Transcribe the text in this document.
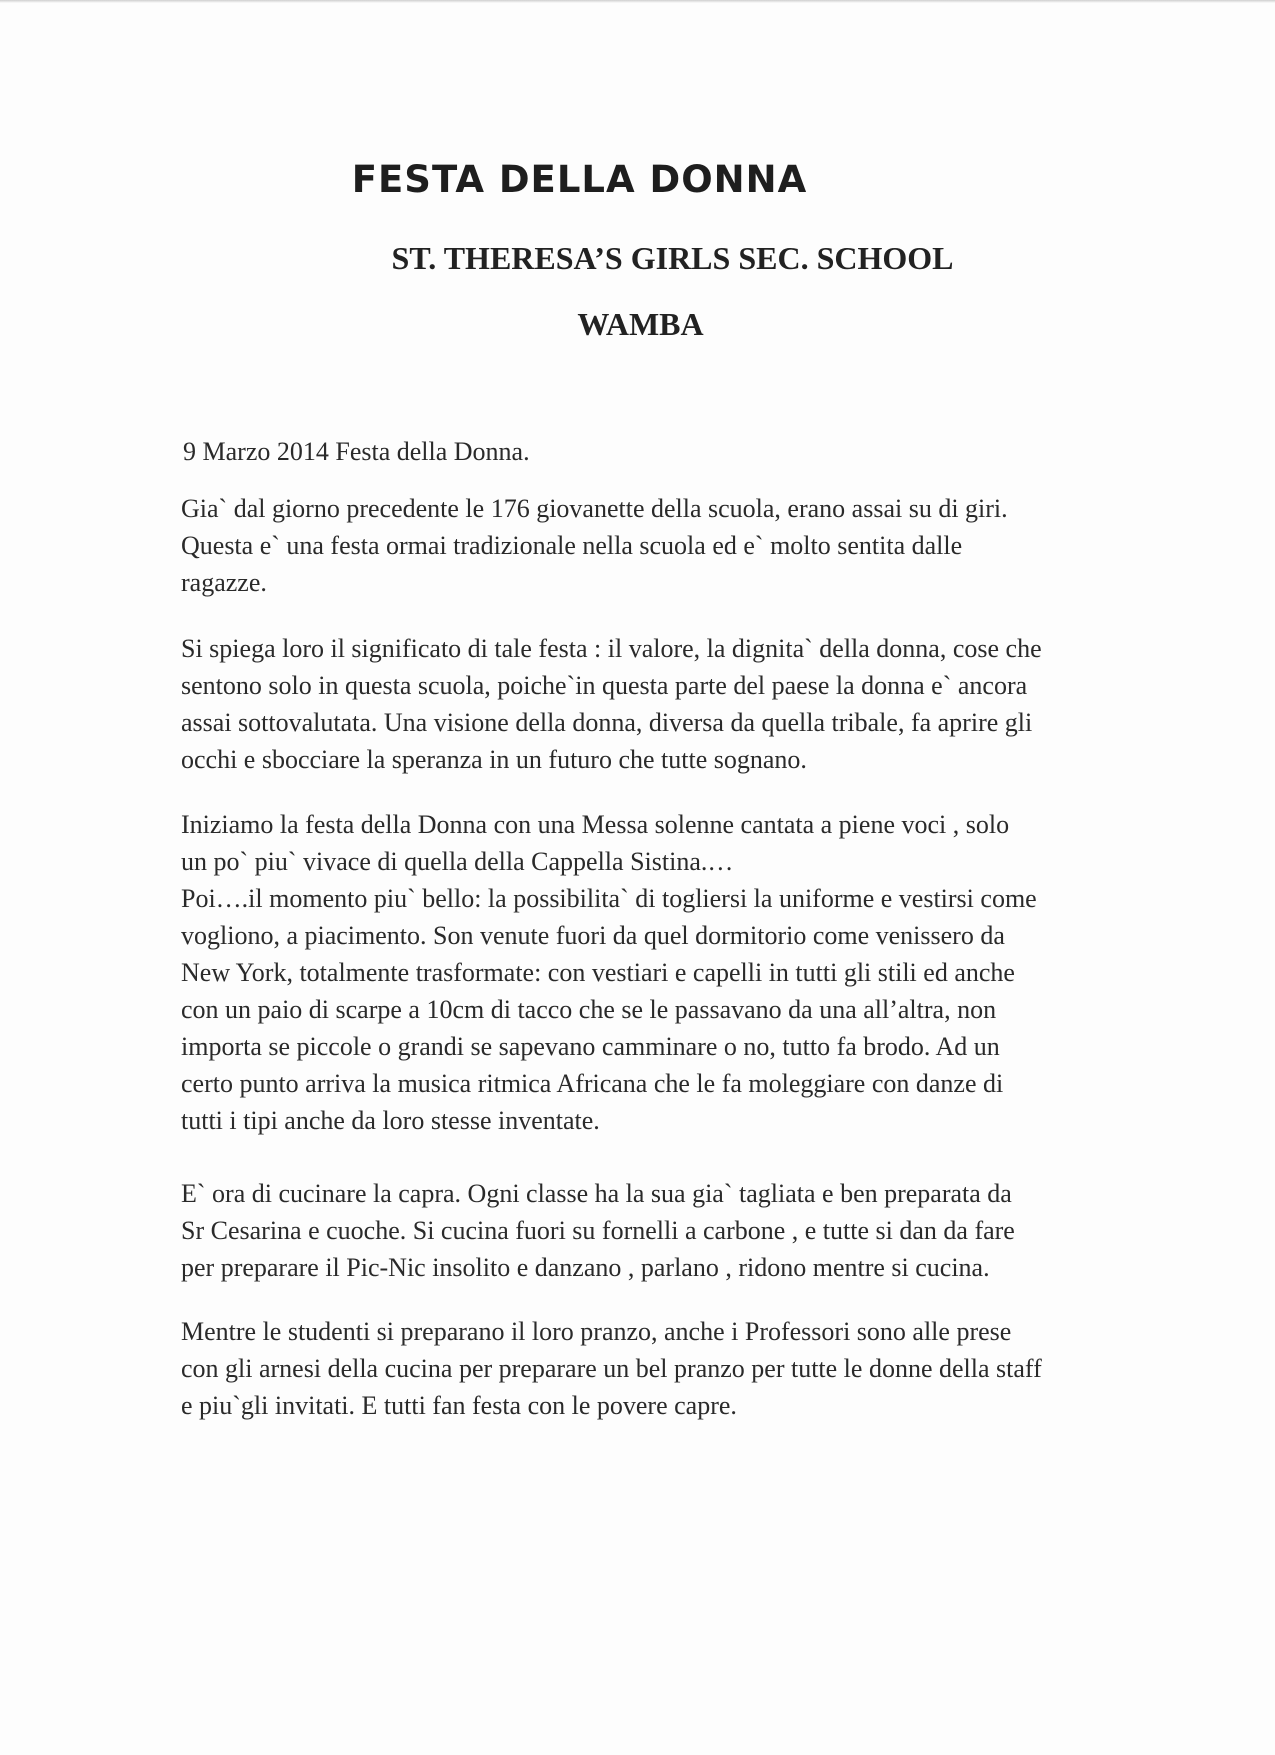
FESTA DELLA DONNA
ST. THERESA’S GIRLS SEC. SCHOOL
WAMBA
9 Marzo 2014 Festa della Donna.

Gia` dal giorno precedente le 176 giovanette della scuola, erano assai su di giri.
Questa e` una festa ormai tradizionale nella scuola ed e` molto sentita dalle
ragazze.

Si spiega loro il significato di tale festa : il valore, la dignita` della donna, cose che
sentono solo in questa scuola, poiche`in questa parte del paese la donna e` ancora
assai sottovalutata. Una visione della donna, diversa da quella tribale, fa aprire gli
occhi e sbocciare la speranza in un futuro che tutte sognano.

Iniziamo la festa della Donna con una Messa solenne cantata a piene voci , solo
un po` piu` vivace di quella della Cappella Sistina.…
Poi….il momento piu` bello: la possibilita` di togliersi la uniforme e vestirsi come
vogliono, a piacimento. Son venute fuori da quel dormitorio come venissero da
New York, totalmente trasformate: con vestiari e capelli in tutti gli stili ed anche
con un paio di scarpe a 10cm di tacco che se le passavano da una all’altra, non
importa se piccole o grandi se sapevano camminare o no, tutto fa brodo. Ad un
certo punto arriva la musica ritmica Africana che le fa moleggiare con danze di
tutti i tipi anche da loro stesse inventate.

E` ora di cucinare la capra. Ogni classe ha la sua gia` tagliata e ben preparata da
Sr Cesarina e cuoche. Si cucina fuori su fornelli a carbone , e tutte si dan da fare
per preparare il Pic-Nic insolito e danzano , parlano , ridono mentre si cucina.

Mentre le studenti si preparano il loro pranzo, anche i Professori sono alle prese
con gli arnesi della cucina per preparare un bel pranzo per tutte le donne della staff
e piu`gli invitati. E tutti fan festa con le povere capre.
